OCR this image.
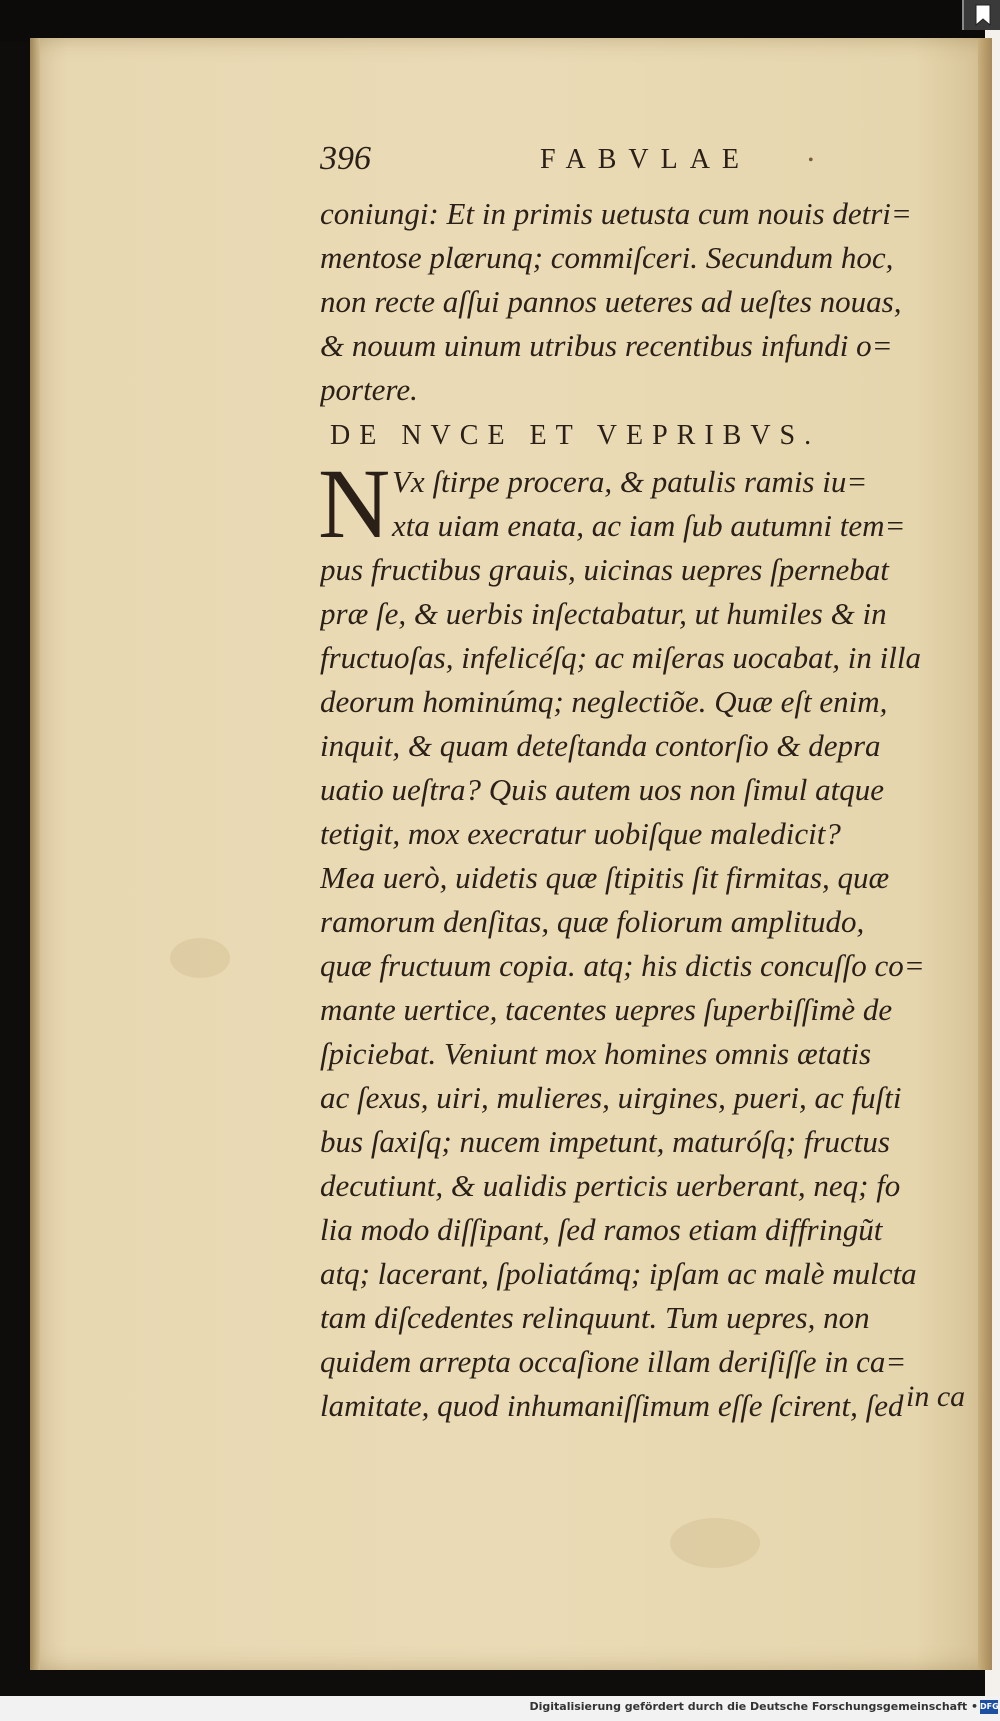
396	FABVLAE	•
coniungi: Et in primis uetusta cum nouis detri=
mentose plærunq; commiſceri. Secundum hoc,
non recte aſſui pannos ueteres ad ueſtes nouas,
& nouum uinum utribus recentibus infundi o=
portere.
DE NVCE ET VEPRIBVS.
N Vx ſtirpe procera, & patulis ramis iu=
xta uiam enata, ac iam ſub autumni tem=
pus fructibus grauis, uicinas uepres ſpernebat
præ ſe, & uerbis inſectabatur, ut humiles & in
fructuoſas, infelicéſq; ac miſeras uocabat, in illa
deorum hominúmq; neglectiõe. Quæ eſt enim,
inquit, & quam deteſtanda contorſio & depra
uatio ueſtra? Quis autem uos non ſimul atque
tetigit, mox execratur uobiſque maledicit?
Mea uerò, uidetis quæ ſtipitis ſit firmitas, quæ
ramorum denſitas, quæ foliorum amplitudo,
quæ fructuum copia. atq; his dictis concuſſo co=
mante uertice, tacentes uepres ſuperbiſſimè de
ſpiciebat. Veniunt mox homines omnis ætatis
ac ſexus, uiri, mulieres, uirgines, pueri, ac fuſti
bus ſaxiſq; nucem impetunt, maturóſq; fructus
decutiunt, & ualidis perticis uerberant, neq; fo
lia modo diſſipant, ſed ramos etiam diffringũt
atq; lacerant, ſpoliatámq; ipſam ac malè mulcta
tam diſcedentes relinquunt. Tum uepres, non
quidem arrepta occaſione illam deriſiſſe in ca=
lamitate, quod inhumaniſſimum eſſe ſcirent, ſed in ca
Digitalisierung gefördert durch die Deutsche Forschungsgemeinschaft • DFG
